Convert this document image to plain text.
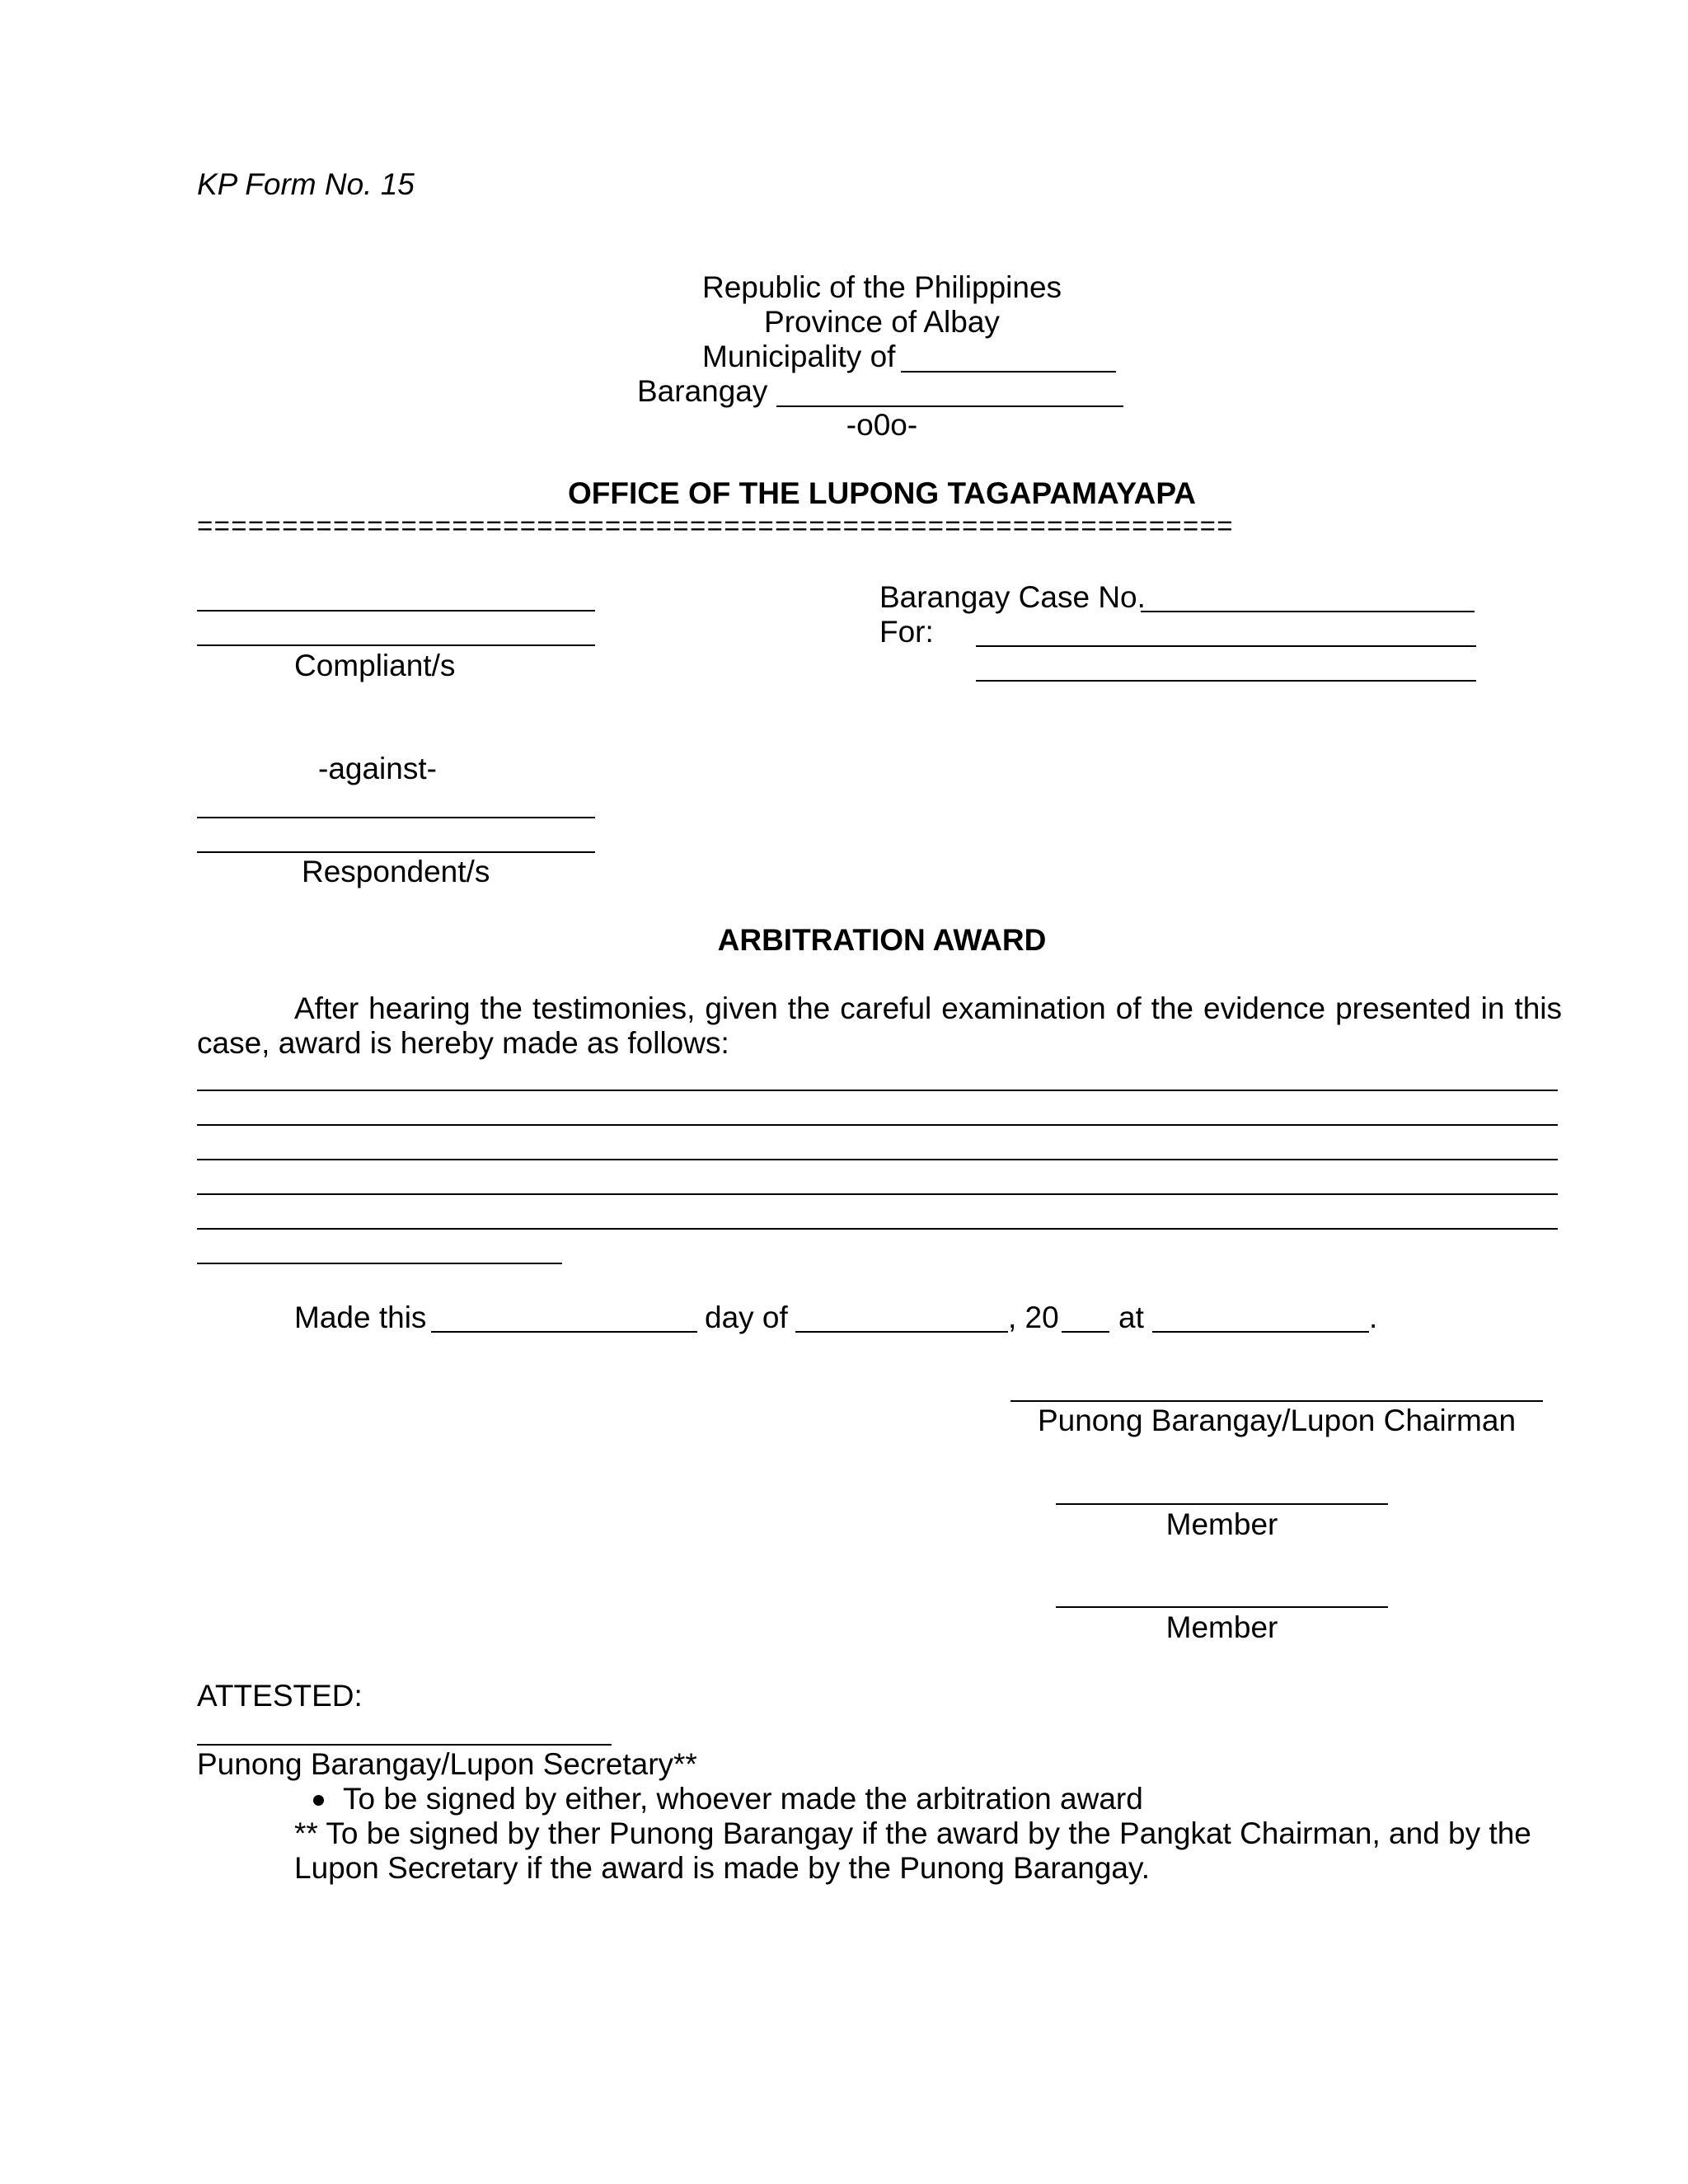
KP Form No. 15
Republic of the Philippines
Province of Albay
Municipality of
Barangay
-o0o-
OFFICE OF THE LUPONG TAGAPAMAYAPA
=============================================================
Compliant/s
Barangay Case No.
For:
-against-
Respondent/s
ARBITRATION AWARD
After hearing the testimonies, given the careful examination of the evidence presented in this
case, award is hereby made as follows:
Made this	day of	, 20 at	.
Punong Barangay/Lupon Chairman
Member
Member
ATTESTED:
Punong Barangay/Lupon Secretary**
To be signed by either, whoever made the arbitration award
** To be signed by ther Punong Barangay if the award by the Pangkat Chairman, and by the
Lupon Secretary if the award is made by the Punong Barangay.
